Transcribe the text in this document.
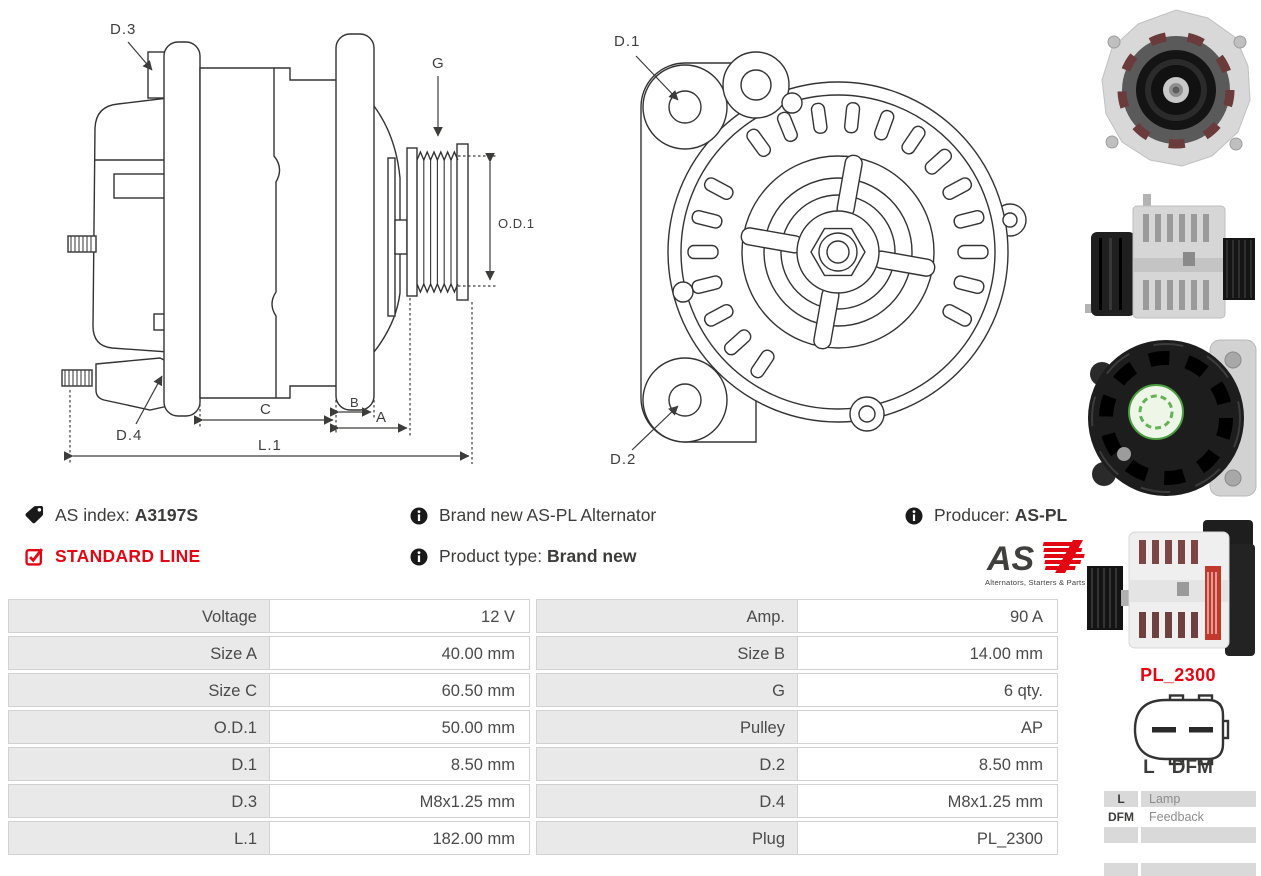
D.3
D.4
G
O.D.1
C	B
A
L.1
D.1
D.2
AS index: A3197S
STANDARD LINE
Brand new AS-PL Alternator
Product type: Brand new
Producer: AS-PL
AS
Alternators, Starters & Parts
Voltage	12 V	Amp.	90 A
Size A	40.00 mm	Size B	14.00 mm
Size C	60.50 mm	G	6 qty.
O.D.1	50.00 mm	Pulley	AP
D.1	8.50 mm	D.2	8.50 mm
D.3	M8x1.25 mm	D.4	M8x1.25 mm
L.1	182.00 mm	Plug	PL_2300
PL_2300
L DFM
L	Lamp
DFM	Feedback
